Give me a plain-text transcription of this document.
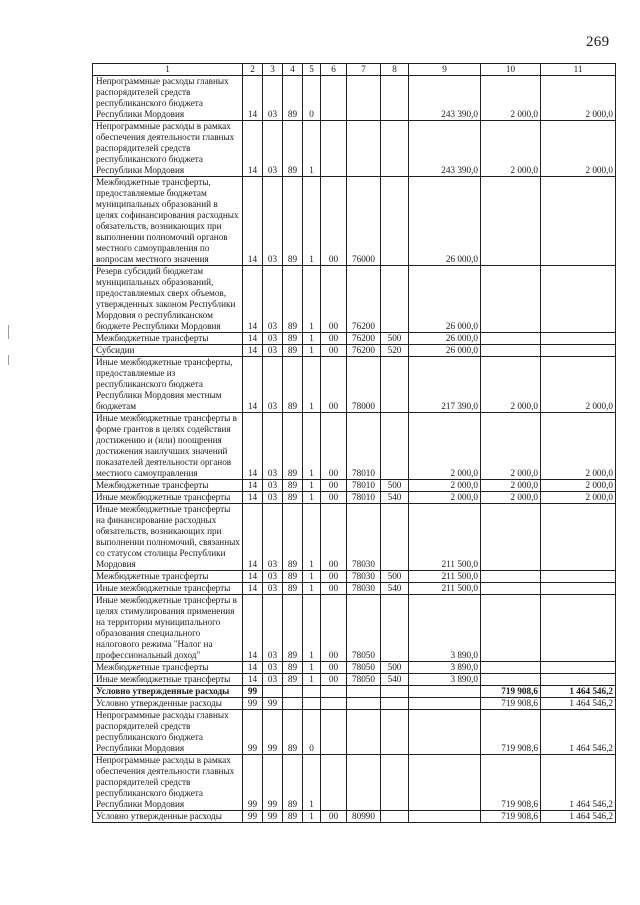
269
1	2	3	4	5	6	7	8	9	10	11
Непрограммные расходы главных распорядителей средств республиканского бюджета Республики Мордовия	14	03	89	0				243 390,0	2 000,0	2 000,0
Непрограммные расходы в рамках обеспечения деятельности главных распорядителей средств республиканского бюджета Республики Мордовия	14	03	89	1				243 390,0	2 000,0	2 000,0
Межбюджетные трансферты, предоставляемые бюджетам муниципальных образований в целях софинансирования расходных обязательств, возникающих при выполнении полномочий органов местного самоуправления по вопросам местного значения	14	03	89	1	00	76000		26 000,0		
Резерв субсидий бюджетам муниципальных образований, предоставляемых сверх объемов, утвержденных законом Республики Мордовия о республиканском бюджете Республики Мордовия	14	03	89	1	00	76200		26 000,0		
Межбюджетные трансферты	14	03	89	1	00	76200	500	26 000,0		
Субсидии	14	03	89	1	00	76200	520	26 000,0		
Иные межбюджетные трансферты, предоставляемые из республиканского бюджета Республики Мордовия местным бюджетам	14	03	89	1	00	78000		217 390,0	2 000,0	2 000,0
Иные межбюджетные трансферты в форме грантов в целях содействия достижению и (или) поощрения достижения наилучших значений показателей деятельности органов местного самоуправления	14	03	89	1	00	78010		2 000,0	2 000,0	2 000,0
Межбюджетные трансферты	14	03	89	1	00	78010	500	2 000,0	2 000,0	2 000,0
Иные межбюджетные трансферты	14	03	89	1	00	78010	540	2 000,0	2 000,0	2 000,0
Иные межбюджетные трансферты на финансирование расходных обязательств, возникающих при выполнении полномочий, связанных со статусом столицы Республики Мордовия	14	03	89	1	00	78030		211 500,0		
Межбюджетные трансферты	14	03	89	1	00	78030	500	211 500,0		
Иные межбюджетные трансферты	14	03	89	1	00	78030	540	211 500,0		
Иные межбюджетные трансферты в целях стимулирования применения на территории муниципального образования специального налогового режима "Налог на профессиональный доход"	14	03	89	1	00	78050		3 890,0		
Межбюджетные трансферты	14	03	89	1	00	78050	500	3 890,0		
Иные межбюджетные трансферты	14	03	89	1	00	78050	540	3 890,0		
Условно утвержденные расходы	99								719 908,6	1 464 546,2
Условно утвержденные расходы	99	99							719 908,6	1 464 546,2
Непрограммные расходы главных распорядителей средств республиканского бюджета Республики Мордовия	99	99	89	0					719 908,6	1 464 546,2
Непрограммные расходы в рамках обеспечения деятельности главных распорядителей средств республиканского бюджета Республики Мордовия	99	99	89	1					719 908,6	1 464 546,2
Условно утвержденные расходы	99	99	89	1	00	80990			719 908,6	1 464 546,2
